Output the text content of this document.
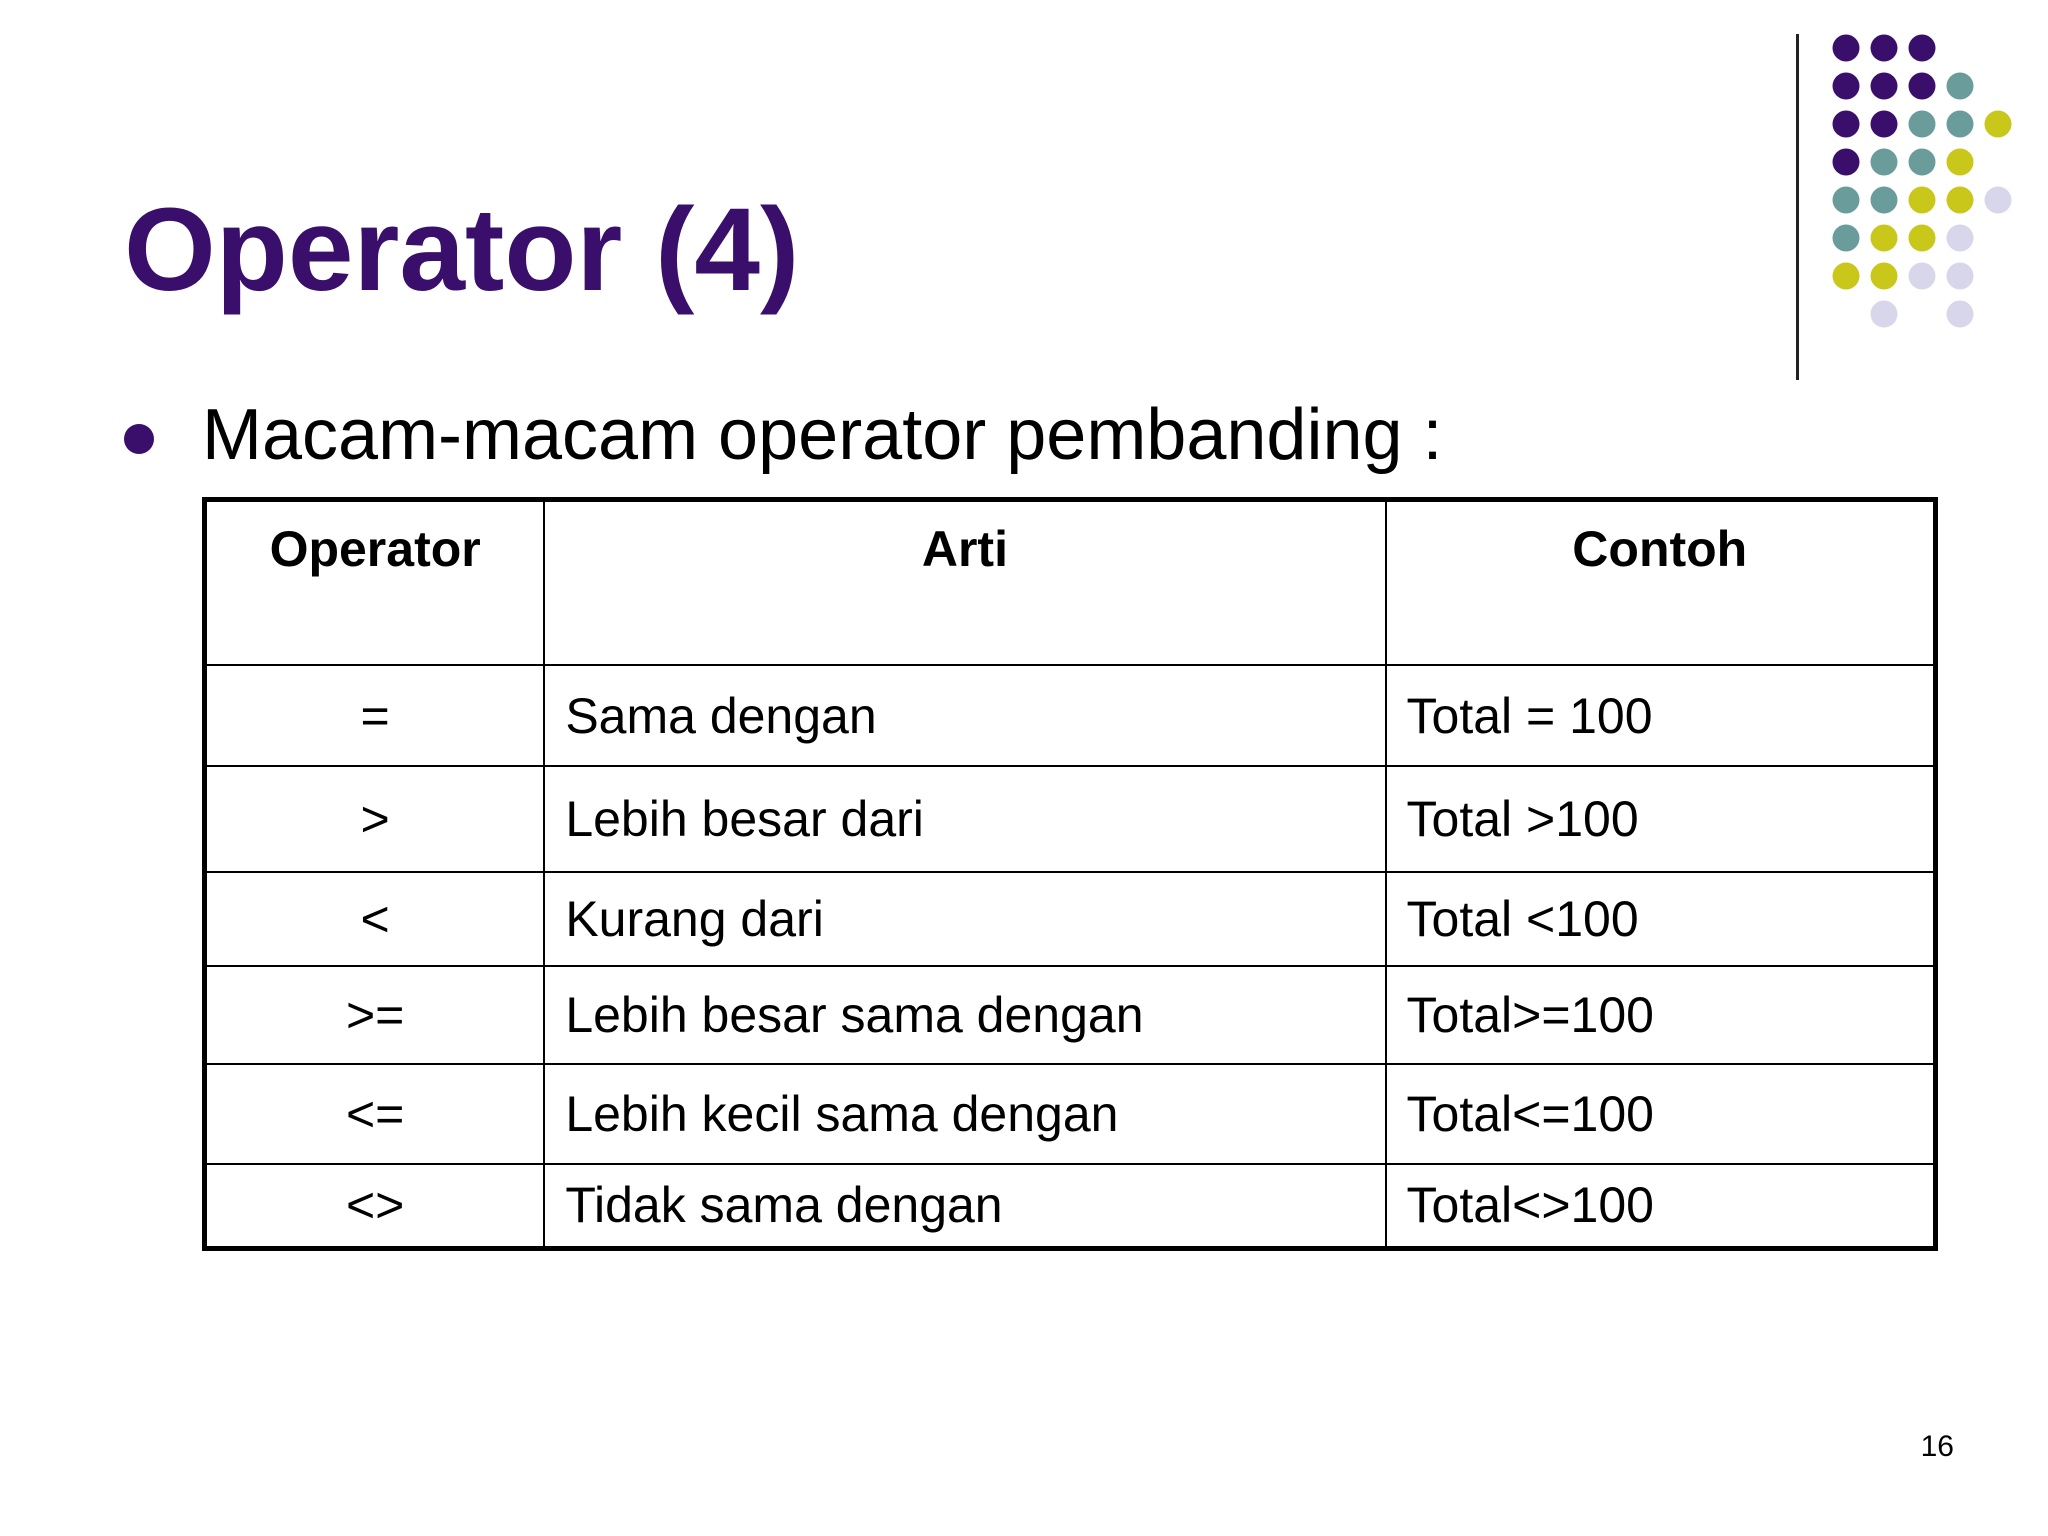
Operator (4)
Macam-macam operator pembanding :
Operator	Arti	Contoh
=	Sama dengan	Total = 100
>	Lebih besar dari	Total >100
<	Kurang dari	Total <100
>=	Lebih besar sama dengan	Total>=100
<=	Lebih kecil sama dengan	Total<=100
<>	Tidak sama dengan	Total<>100
16
